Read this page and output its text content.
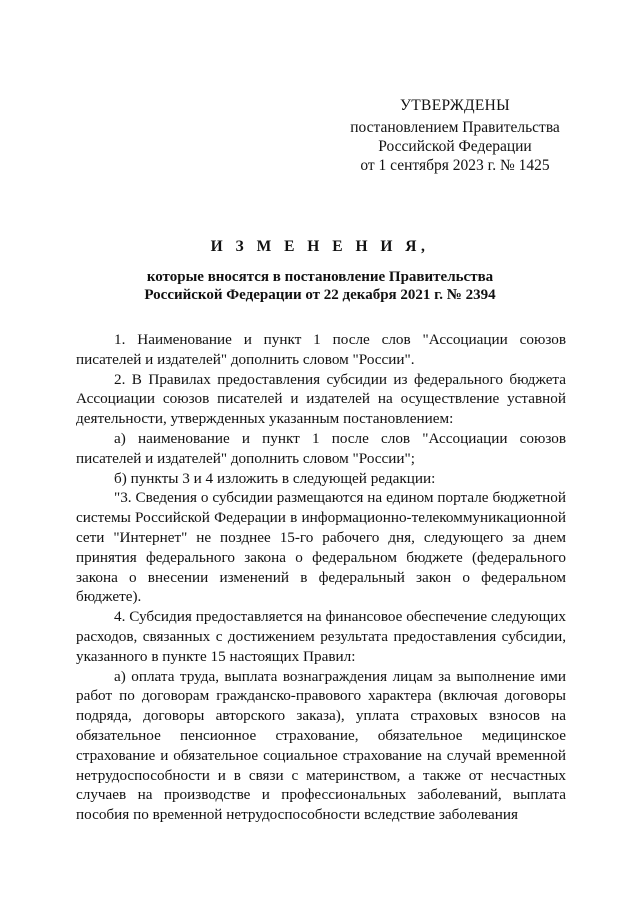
УТВЕРЖДЕНЫ
постановлением Правительства
Российской Федерации
от 1 сентября 2023 г. № 1425
И З М Е Н Е Н И Я,
которые вносятся в постановление Правительства
Российской Федерации от 22 декабря 2021 г. № 2394

1. Наименование и пункт 1 после слов "Ассоциации союзов писателей и издателей" дополнить словом "России".

2. В Правилах предоставления субсидии из федерального бюджета Ассоциации союзов писателей и издателей на осуществление уставной деятельности, утвержденных указанным постановлением:

а) наименование и пункт 1 после слов "Ассоциации союзов писателей и издателей" дополнить словом "России";

б) пункты 3 и 4 изложить в следующей редакции:

"3. Сведения о субсидии размещаются на едином портале бюджетной системы Российской Федерации в информационно-телекоммуникационной сети "Интернет" не позднее 15-го рабочего дня, следующего за днем принятия федерального закона о федеральном бюджете (федерального закона о внесении изменений в федеральный закон о федеральном бюджете).

4. Субсидия предоставляется на финансовое обеспечение следующих расходов, связанных с достижением результата предоставления субсидии, указанного в пункте 15 настоящих Правил:

а) оплата труда, выплата вознаграждения лицам за выполнение ими работ по договорам гражданско-правового характера (включая договоры подряда, договоры авторского заказа), уплата страховых взносов на обязательное пенсионное страхование, обязательное медицинское страхование и обязательное социальное страхование на случай временной нетрудоспособности и в связи с материнством, а также от несчастных случаев на производстве и профессиональных заболеваний, выплата пособия по временной нетрудоспособности вследствие заболевания
